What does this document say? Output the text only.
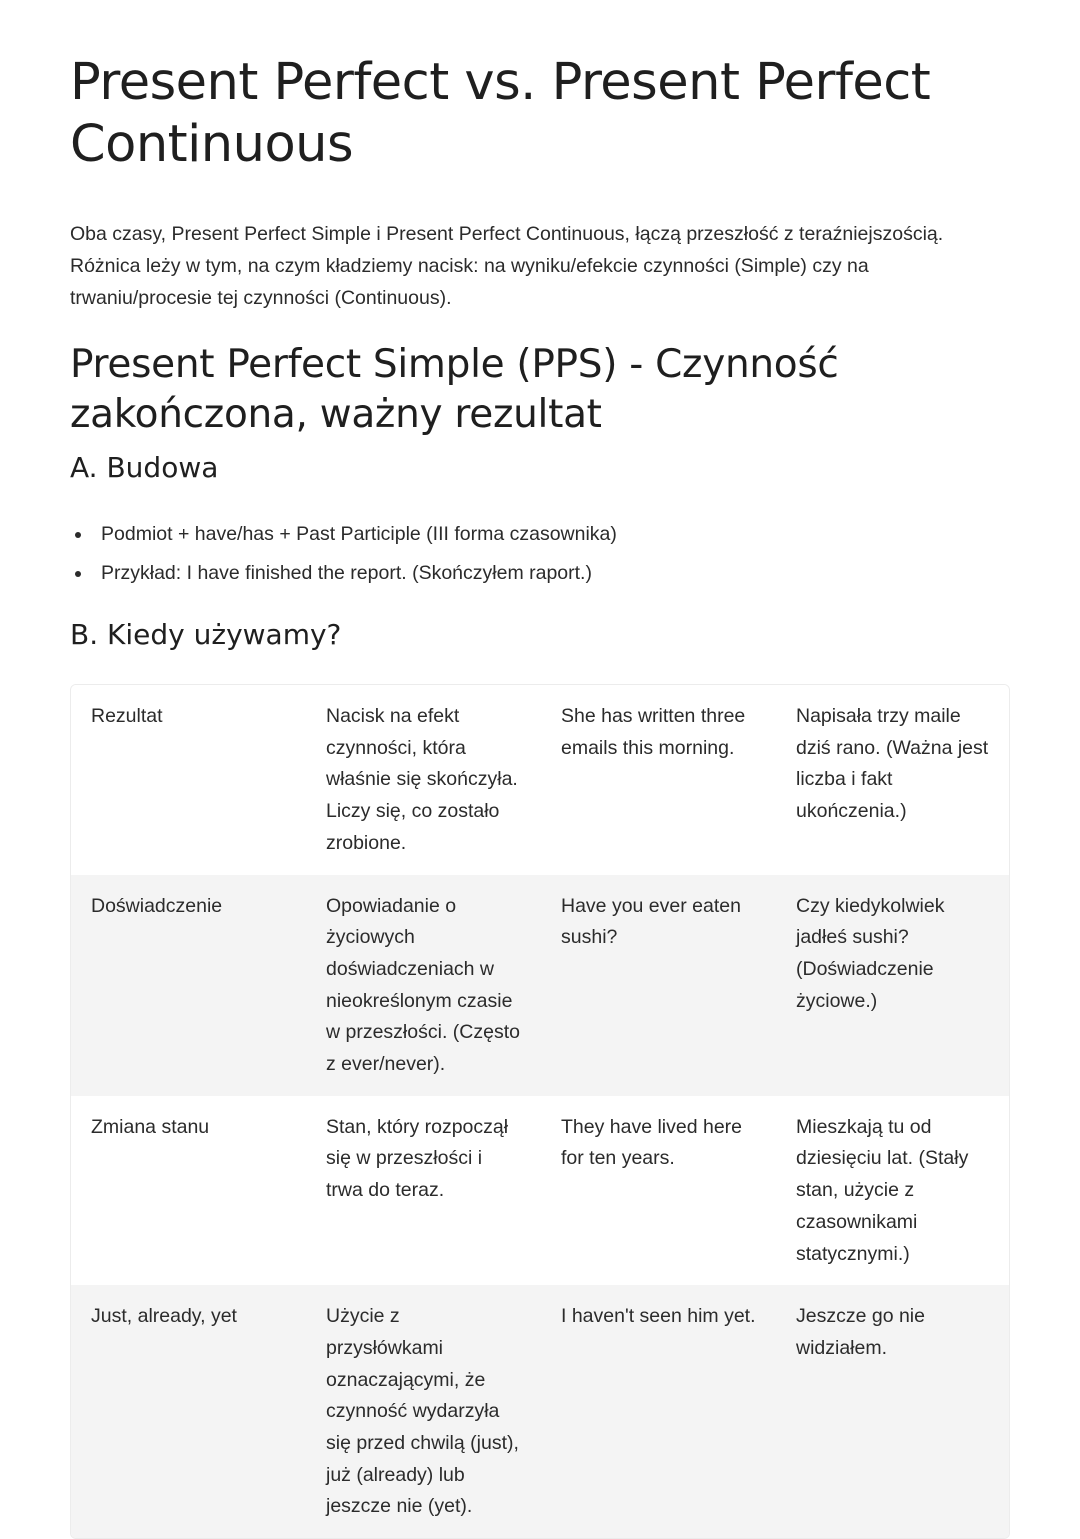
Present Perfect vs. Present Perfect Continuous

Oba czasy, Present Perfect Simple i Present Perfect Continuous, łączą przeszłość z teraźniejszością. Różnica leży w tym, na czym kładziemy nacisk: na wyniku/efekcie czynności (Simple) czy na trwaniu/procesie tej czynności (Continuous).

Present Perfect Simple (PPS) - Czynność zakończona, ważny rezultat
A. Budowa
Podmiot + have/has + Past Participle (III forma czasownika)
Przykład: I have finished the report. (Skończyłem raport.)
B. Kiedy używamy?
Rezultat	Nacisk na efekt czynności, która właśnie się skończyła. Liczy się, co zostało zrobione.	She has written three emails this morning.	Napisała trzy maile dziś rano. (Ważna jest liczba i fakt ukończenia.)
Doświadczenie	Opowiadanie o życiowych doświadczeniach w nieokreślonym czasie w przeszłości. (Często z ever/never).	Have you ever eaten sushi?	Czy kiedykolwiek jadłeś sushi? (Doświadczenie życiowe.)
Zmiana stanu	Stan, który rozpoczął się w przeszłości i trwa do teraz.	They have lived here for ten years.	Mieszkają tu od dziesięciu lat. (Stały stan, użycie z czasownikami statycznymi.)
Just, already, yet	Użycie z przysłówkami oznaczającymi, że czynność wydarzyła się przed chwilą (just), już (already) lub jeszcze nie (yet).	I haven't seen him yet.	Jeszcze go nie widziałem.
